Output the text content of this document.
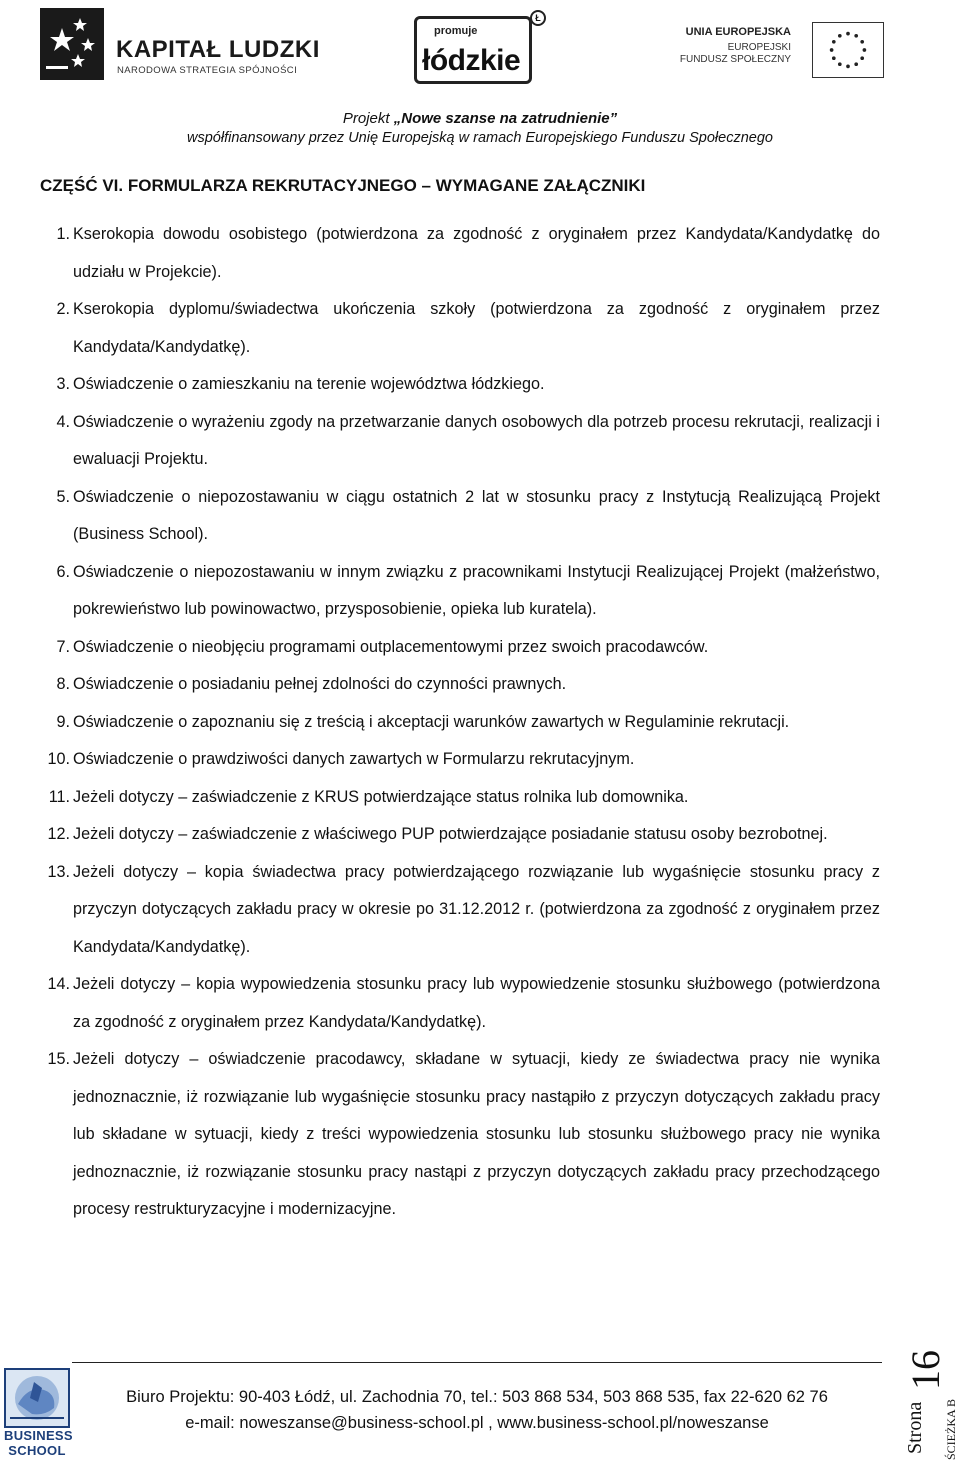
KAPITAŁ LUDZKI
NARODOWA STRATEGIA SPÓJNOŚCI
promuje
łódzkie
Ł
UNIA EUROPEJSKA
EUROPEJSKI
FUNDUSZ SPOŁECZNY
Projekt „Nowe szanse na zatrudnienie”
współfinansowany przez Unię Europejską w ramach Europejskiego Funduszu Społecznego
CZĘŚĆ VI. FORMULARZA REKRUTACYJNEGO – WYMAGANE ZAŁĄCZNIKI
1. Kserokopia dowodu osobistego (potwierdzona za zgodność z oryginałem przez Kandydata/Kandydatkę do udziału w Projekcie).
2. Kserokopia dyplomu/świadectwa ukończenia szkoły (potwierdzona za zgodność z oryginałem przez Kandydata/Kandydatkę).
3. Oświadczenie o zamieszkaniu na terenie województwa łódzkiego.
4. Oświadczenie o wyrażeniu zgody na przetwarzanie danych osobowych dla potrzeb procesu rekrutacji, realizacji i ewaluacji Projektu.
5. Oświadczenie o niepozostawaniu w ciągu ostatnich 2 lat w stosunku pracy z Instytucją Realizującą Projekt (Business School).
6. Oświadczenie o niepozostawaniu w innym związku z pracownikami Instytucji Realizującej Projekt (małżeństwo, pokrewieństwo lub powinowactwo, przysposobienie, opieka lub kuratela).
7. Oświadczenie o nieobjęciu programami outplacementowymi przez swoich pracodawców.
8. Oświadczenie o posiadaniu pełnej zdolności do czynności prawnych.
9. Oświadczenie o zapoznaniu się z treścią i akceptacji warunków zawartych w Regulaminie rekrutacji.
10. Oświadczenie o prawdziwości danych zawartych w Formularzu rekrutacyjnym.
11. Jeżeli dotyczy – zaświadczenie z KRUS potwierdzające status rolnika lub domownika.
12. Jeżeli dotyczy – zaświadczenie z właściwego PUP potwierdzające posiadanie statusu osoby bezrobotnej.
13. Jeżeli dotyczy – kopia świadectwa pracy potwierdzającego rozwiązanie lub wygaśnięcie stosunku pracy z przyczyn dotyczących zakładu pracy w okresie po 31.12.2012 r. (potwierdzona za zgodność z oryginałem przez Kandydata/Kandydatkę).
14. Jeżeli dotyczy – kopia wypowiedzenia stosunku pracy lub wypowiedzenie stosunku służbowego (potwierdzona za zgodność z oryginałem przez Kandydata/Kandydatkę).
15. Jeżeli dotyczy – oświadczenie pracodawcy, składane w sytuacji, kiedy ze świadectwa pracy nie wynika jednoznacznie, iż rozwiązanie lub wygaśnięcie stosunku pracy nastąpiło z przyczyn dotyczących zakładu pracy lub składane w sytuacji, kiedy z treści wypowiedzenia stosunku lub stosunku służbowego pracy nie wynika jednoznacznie, iż rozwiązanie stosunku pracy nastąpi z przyczyn dotyczących zakładu pracy przechodzącego procesy restrukturyzacyjne i modernizacyjne.
BUSINESS
SCHOOL
Biuro Projektu: 90-403 Łódź, ul. Zachodnia 70, tel.: 503 868 534, 503 868 535, fax 22-620 62 76
e-mail: noweszanse@business-school.pl , www.business-school.pl/noweszanse	Strona
16
ŚCIEŻKA B
